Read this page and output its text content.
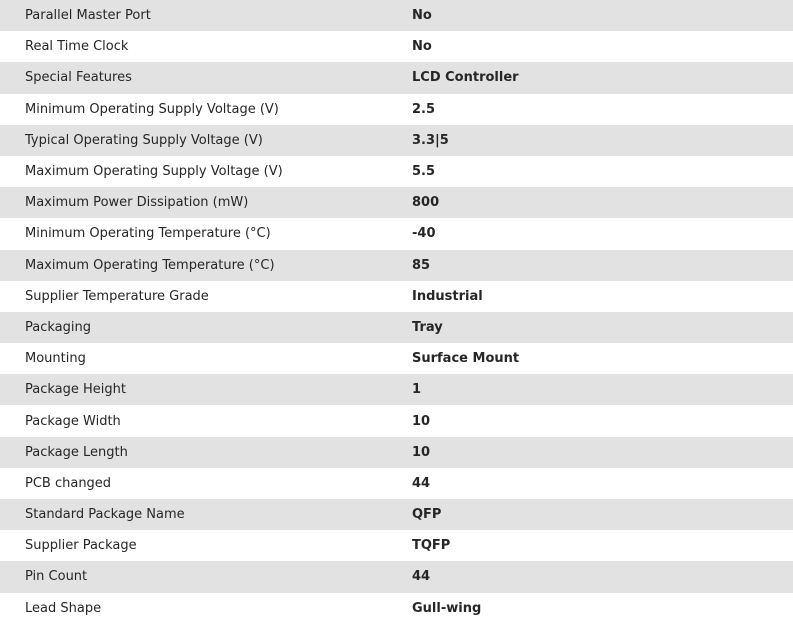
Parallel Master Port	No
Real Time Clock	No
Special Features	LCD Controller
Minimum Operating Supply Voltage (V)	2.5
Typical Operating Supply Voltage (V)	3.3|5
Maximum Operating Supply Voltage (V)	5.5
Maximum Power Dissipation (mW)	800
Minimum Operating Temperature (°C)	-40
Maximum Operating Temperature (°C)	85
Supplier Temperature Grade	Industrial
Packaging	Tray
Mounting	Surface Mount
Package Height	1
Package Width	10
Package Length	10
PCB changed	44
Standard Package Name	QFP
Supplier Package	TQFP
Pin Count	44
Lead Shape	Gull-wing
